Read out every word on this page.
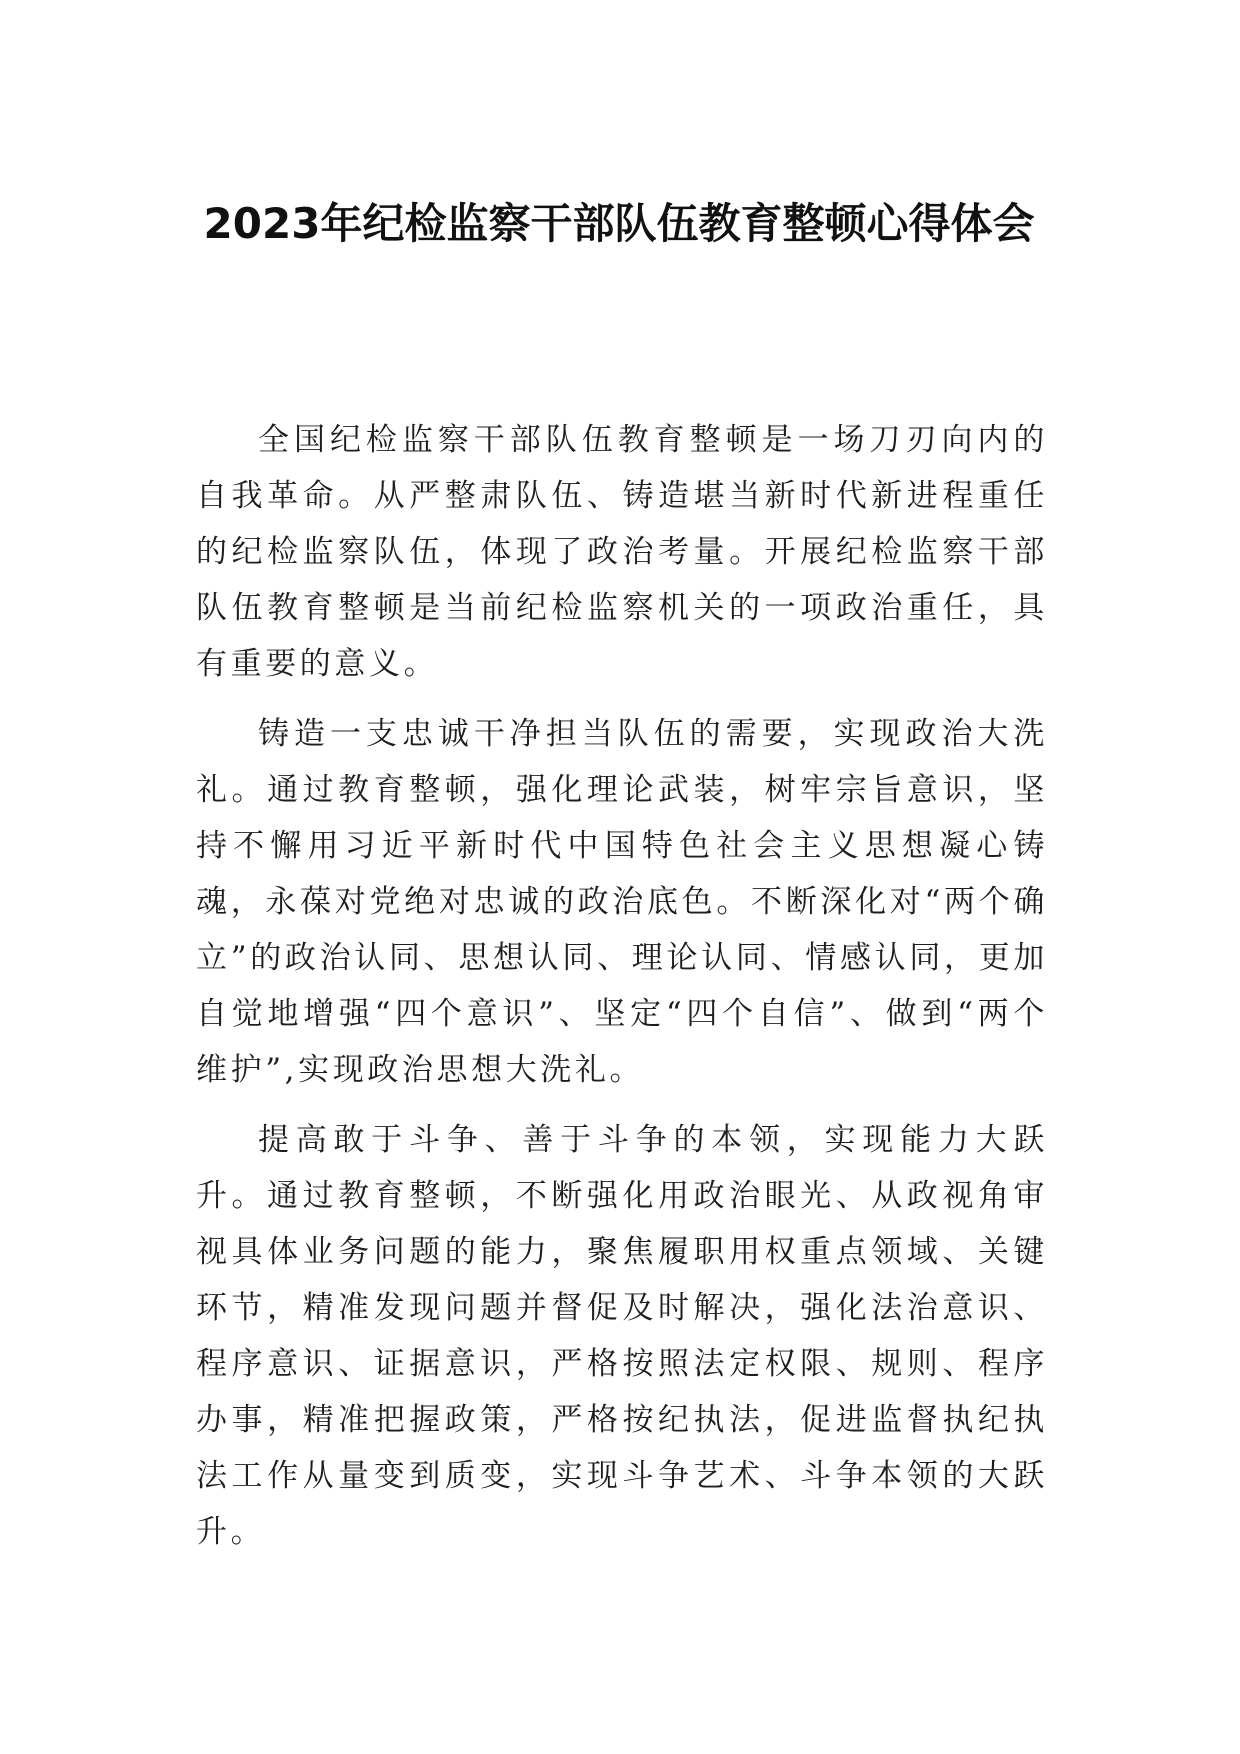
2023年纪检监察干部队伍教育整顿心得体会

全国纪检监察干部队伍教育整顿是一场刀刃向内的自我革命。从严整肃队伍、铸造堪当新时代新进程重任的纪检监察队伍，体现了政治考量。开展纪检监察干部队伍教育整顿是当前纪检监察机关的一项政治重任，具有重要的意义。

铸造一支忠诚干净担当队伍的需要，实现政治大洗礼。通过教育整顿，强化理论武装，树牢宗旨意识，坚持不懈用习近平新时代中国特色社会主义思想凝心铸魂，永葆对党绝对忠诚的政治底色。不断深化对“两个确立”的政治认同、思想认同、理论认同、情感认同，更加自觉地增强“四个意识”、坚定“四个自信”、做到“两个维护”,实现政治思想大洗礼。

提高敢于斗争、善于斗争的本领，实现能力大跃升。通过教育整顿，不断强化用政治眼光、从政视角审视具体业务问题的能力，聚焦履职用权重点领域、关键环节，精准发现问题并督促及时解决，强化法治意识、程序意识、证据意识，严格按照法定权限、规则、程序办事，精准把握政策，严格按纪执法，促进监督执纪执法工作从量变到质变，实现斗争艺术、斗争本领的大跃升。
